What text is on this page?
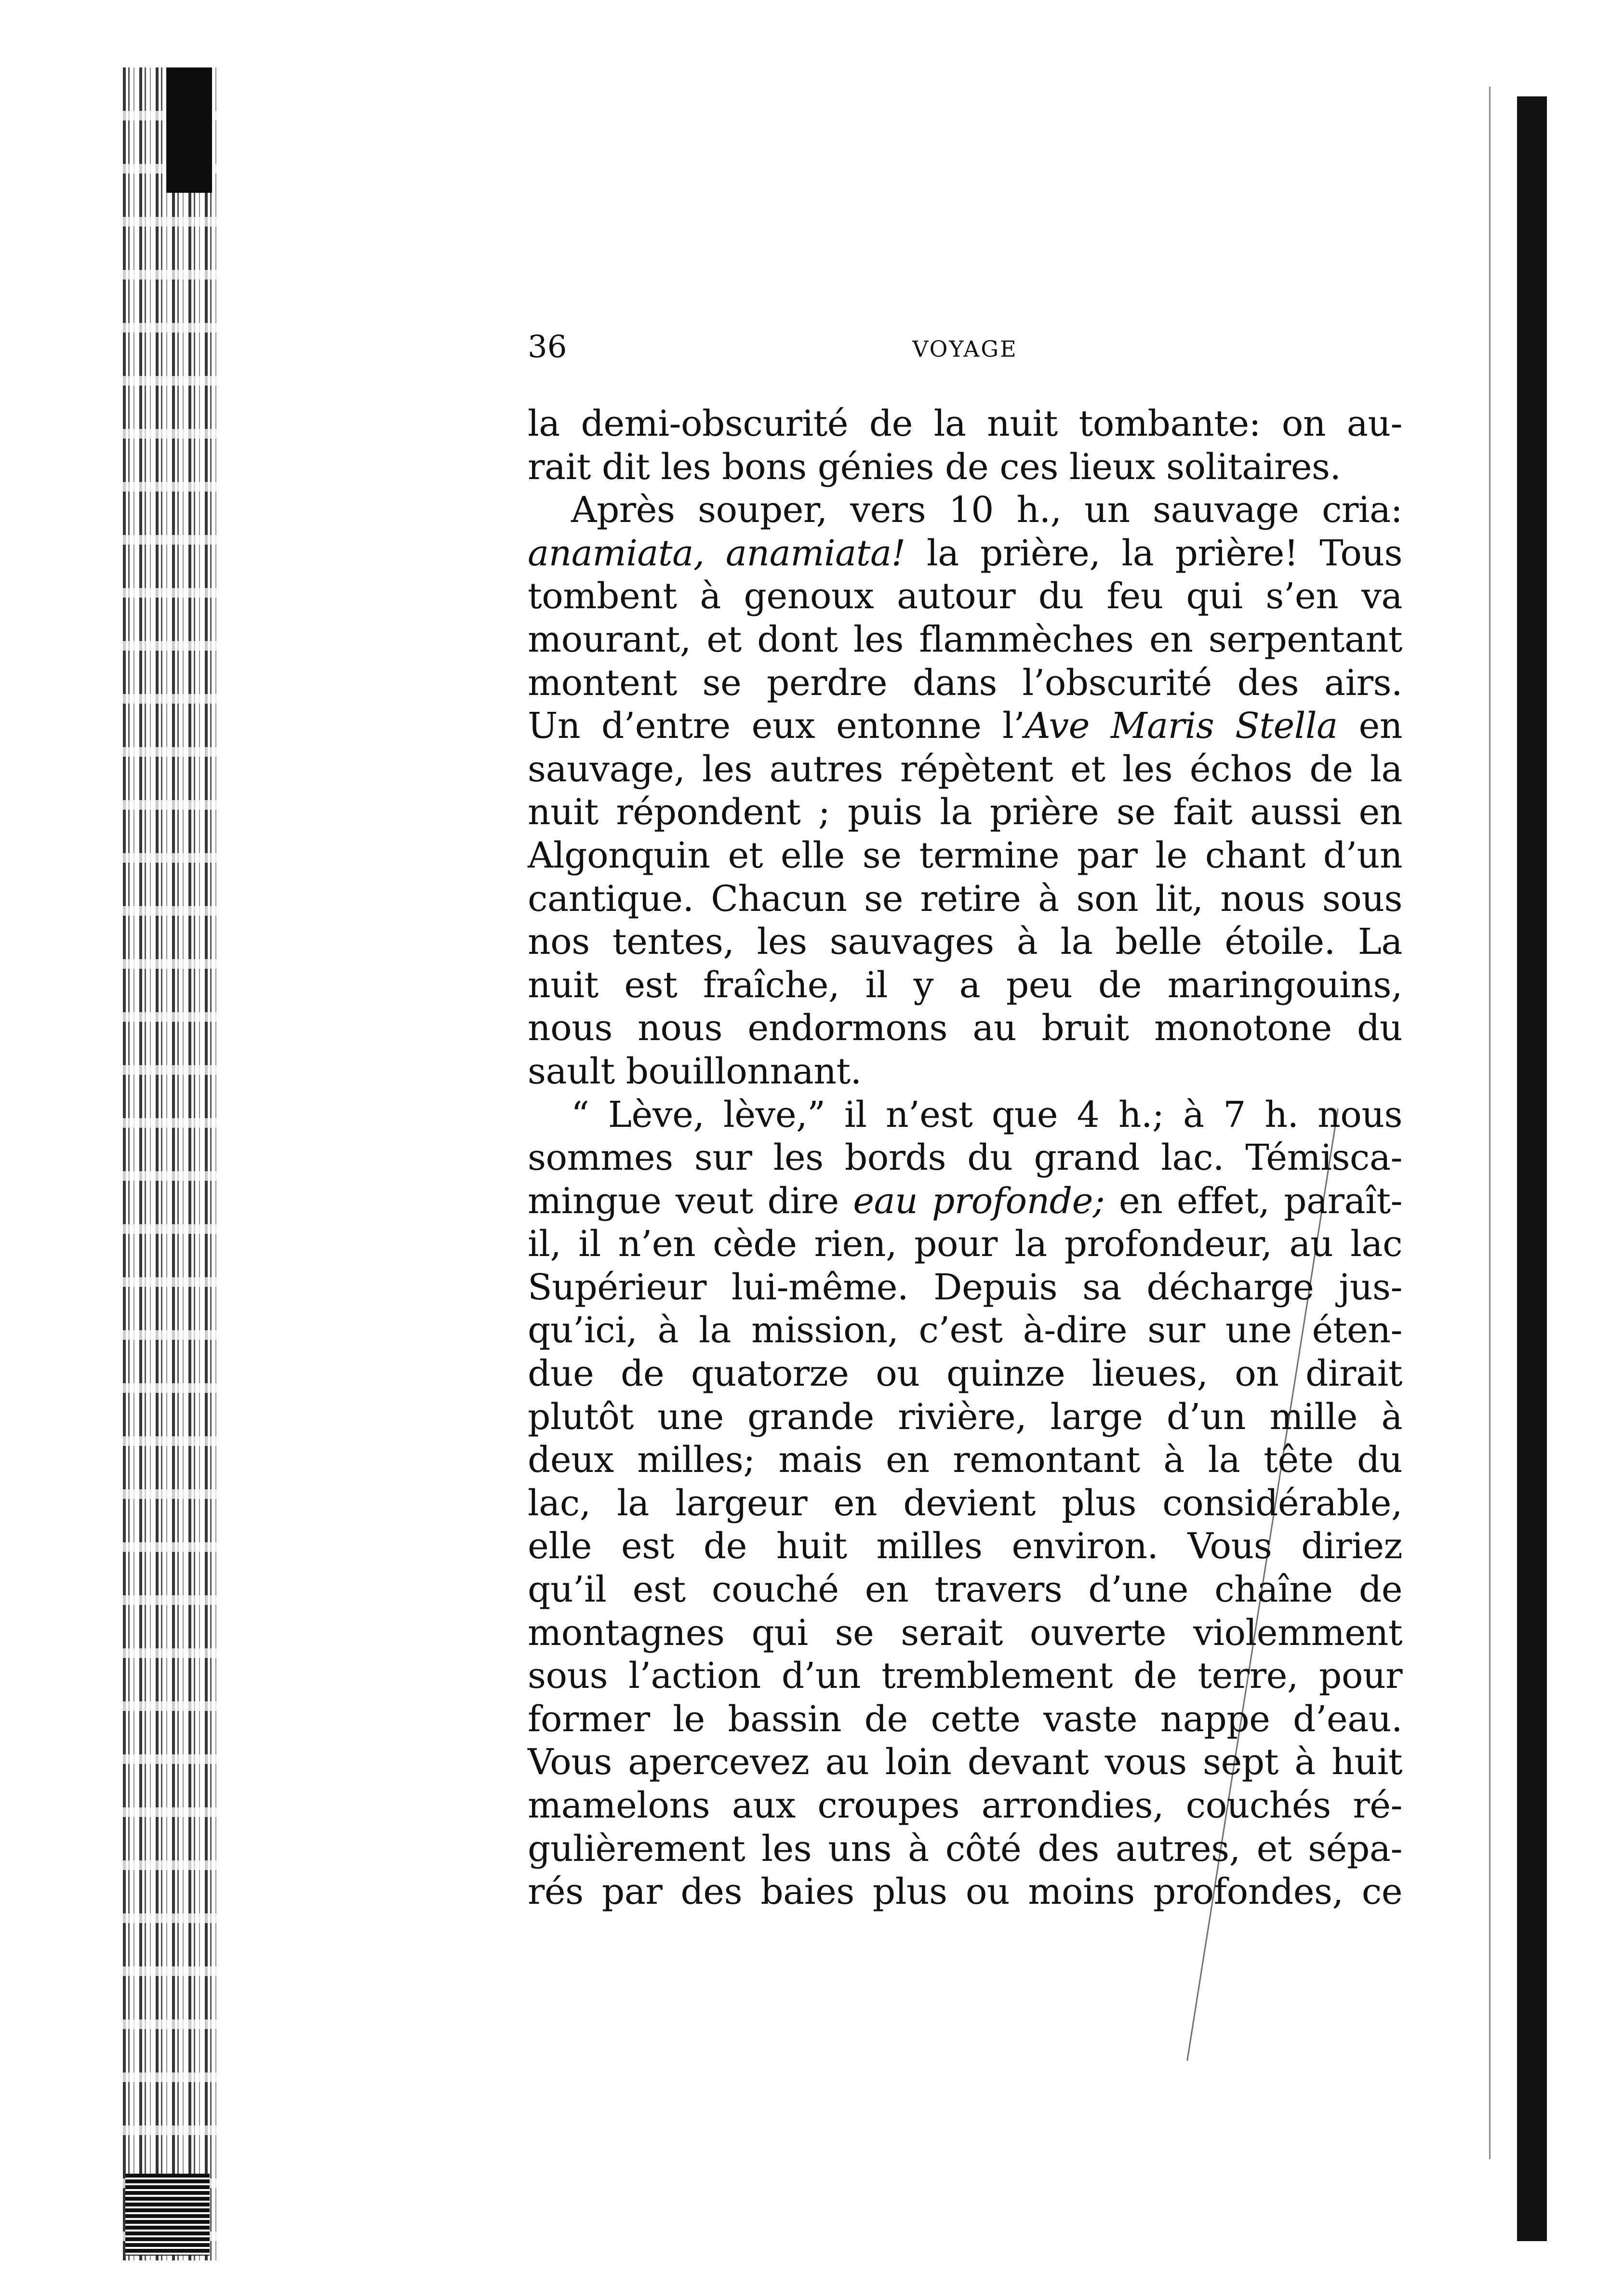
36	VOYAGE
la demi-obscurité de la nuit tombante: on au-
rait dit les bons génies de ces lieux solitaires.
Après souper, vers 10 h., un sauvage cria:
anamiata, anamiata! la prière, la prière! Tous
tombent à genoux autour du feu qui s’en va
mourant, et dont les flammèches en serpentant
montent se perdre dans l’obscurité des airs.
Un d’entre eux entonne l’Ave Maris Stella en
sauvage, les autres répètent et les échos de la
nuit répondent ; puis la prière se fait aussi en
Algonquin et elle se termine par le chant d’un
cantique. Chacun se retire à son lit, nous sous
nos tentes, les sauvages à la belle étoile. La
nuit est fraîche, il y a peu de maringouins,
nous nous endormons au bruit monotone du
sault bouillonnant.
“ Lève, lève,” il n’est que 4 h.; à 7 h. nous
sommes sur les bords du grand lac. Témisca-
mingue veut dire eau profonde; en effet, paraît-
il, il n’en cède rien, pour la profondeur, au lac
Supérieur lui-même. Depuis sa décharge jus-
qu’ici, à la mission, c’est à-dire sur une éten-
due de quatorze ou quinze lieues, on dirait
plutôt une grande rivière, large d’un mille à
deux milles; mais en remontant à la tête du
lac, la largeur en devient plus considérable,
elle est de huit milles environ. Vous diriez
qu’il est couché en travers d’une chaîne de
montagnes qui se serait ouverte violemment
sous l’action d’un tremblement de terre, pour
former le bassin de cette vaste nappe d’eau.
Vous apercevez au loin devant vous sept à huit
mamelons aux croupes arrondies, couchés ré-
gulièrement les uns à côté des autres, et sépa-
rés par des baies plus ou moins profondes, ce
